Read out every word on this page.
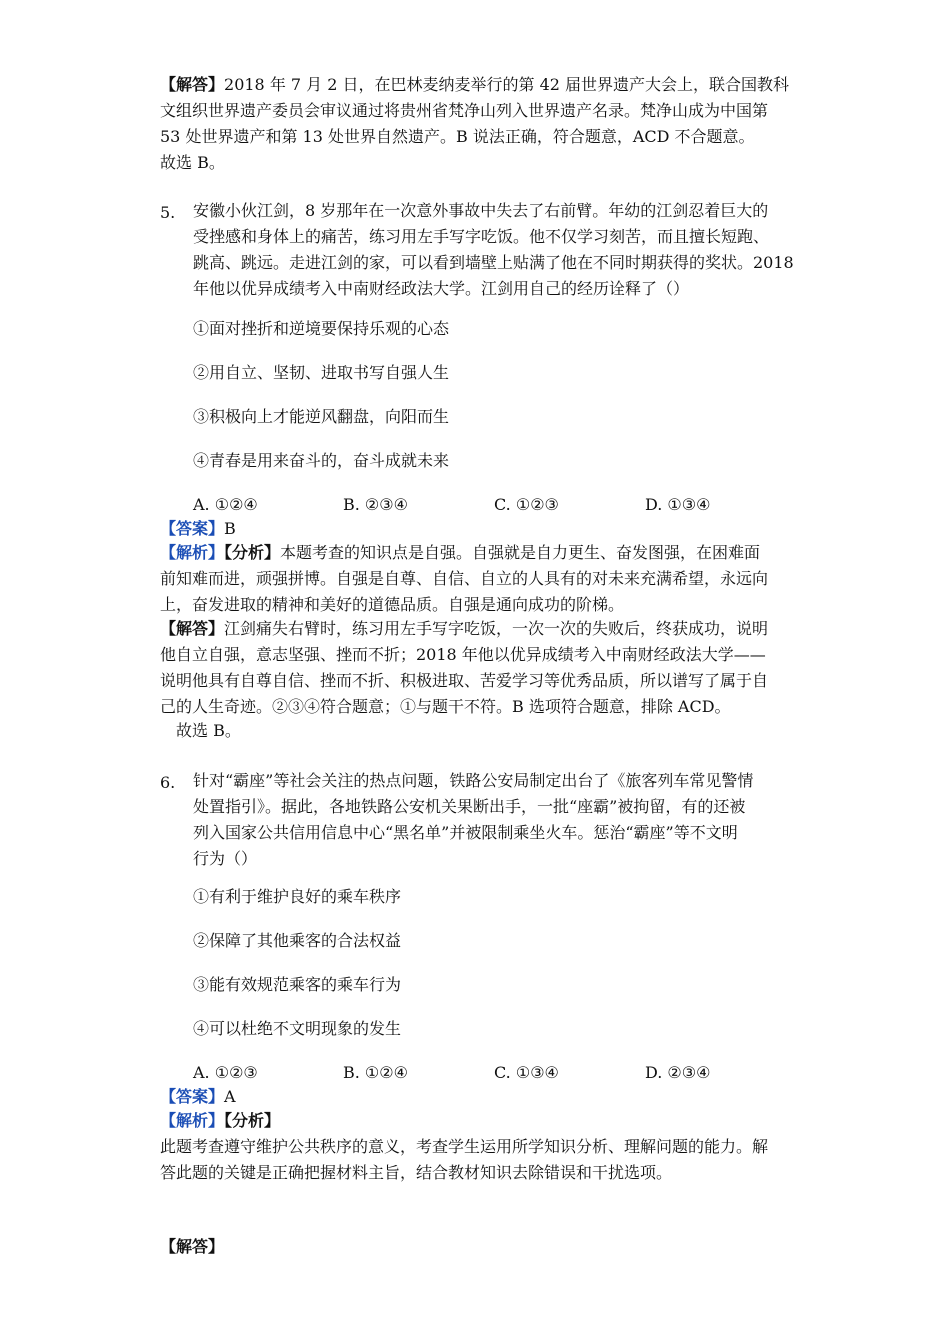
【解答】2018 年 7 月 2 日，在巴林麦纳麦举行的第 42 届世界遗产大会上，联合国教科
文组织世界遗产委员会审议通过将贵州省梵净山列入世界遗产名录。梵净山成为中国第
53 处世界遗产和第 13 处世界自然遗产。B 说法正确，符合题意，ACD 不合题意。
故选 B。
5. 安徽小伙江剑，8 岁那年在一次意外事故中失去了右前臂。年幼的江剑忍着巨大的
受挫感和身体上的痛苦，练习用左手写字吃饭。他不仅学习刻苦，而且擅长短跑、
跳高、跳远。走进江剑的家，可以看到墙壁上贴满了他在不同时期获得的奖状。2018
年他以优异成绩考入中南财经政法大学。江剑用自己的经历诠释了（）
①面对挫折和逆境要保持乐观的心态
②用自立、坚韧、进取书写自强人生
③积极向上才能逆风翻盘，向阳而生
④青春是用来奋斗的，奋斗成就未来
A. ①②④	B. ②③④	C. ①②③	D. ①③④
【答案】B
【解析】【分析】本题考查的知识点是自强。自强就是自力更生、奋发图强，在困难面
前知难而进，顽强拼博。自强是自尊、自信、自立的人具有的对未来充满希望，永远向
上，奋发进取的精神和美好的道德品质。自强是通向成功的阶梯。
【解答】江剑痛失右臂时，练习用左手写字吃饭，一次一次的失败后，终获成功，说明
他自立自强，意志坚强、挫而不折；2018 年他以优异成绩考入中南财经政法大学——
说明他具有自尊自信、挫而不折、积极进取、苦爱学习等优秀品质，所以谱写了属于自
己的人生奇迹。②③④符合题意；①与题干不符。B 选项符合题意，排除 ACD。
故选 B。
6. 针对“霸座”等社会关注的热点问题，铁路公安局制定出台了《旅客列车常见警情
处置指引》。据此，各地铁路公安机关果断出手，一批“座霸”被拘留，有的还被
列入国家公共信用信息中心“黑名单”并被限制乘坐火车。惩治“霸座”等不文明
行为（）
①有利于维护良好的乘车秩序
②保障了其他乘客的合法权益
③能有效规范乘客的乘车行为
④可以杜绝不文明现象的发生
A. ①②③	B. ①②④	C. ①③④	D. ②③④
【答案】A
【解析】【分析】
此题考查遵守维护公共秩序的意义，考查学生运用所学知识分析、理解问题的能力。解
答此题的关键是正确把握材料主旨，结合教材知识去除错误和干扰选项。
【解答】
